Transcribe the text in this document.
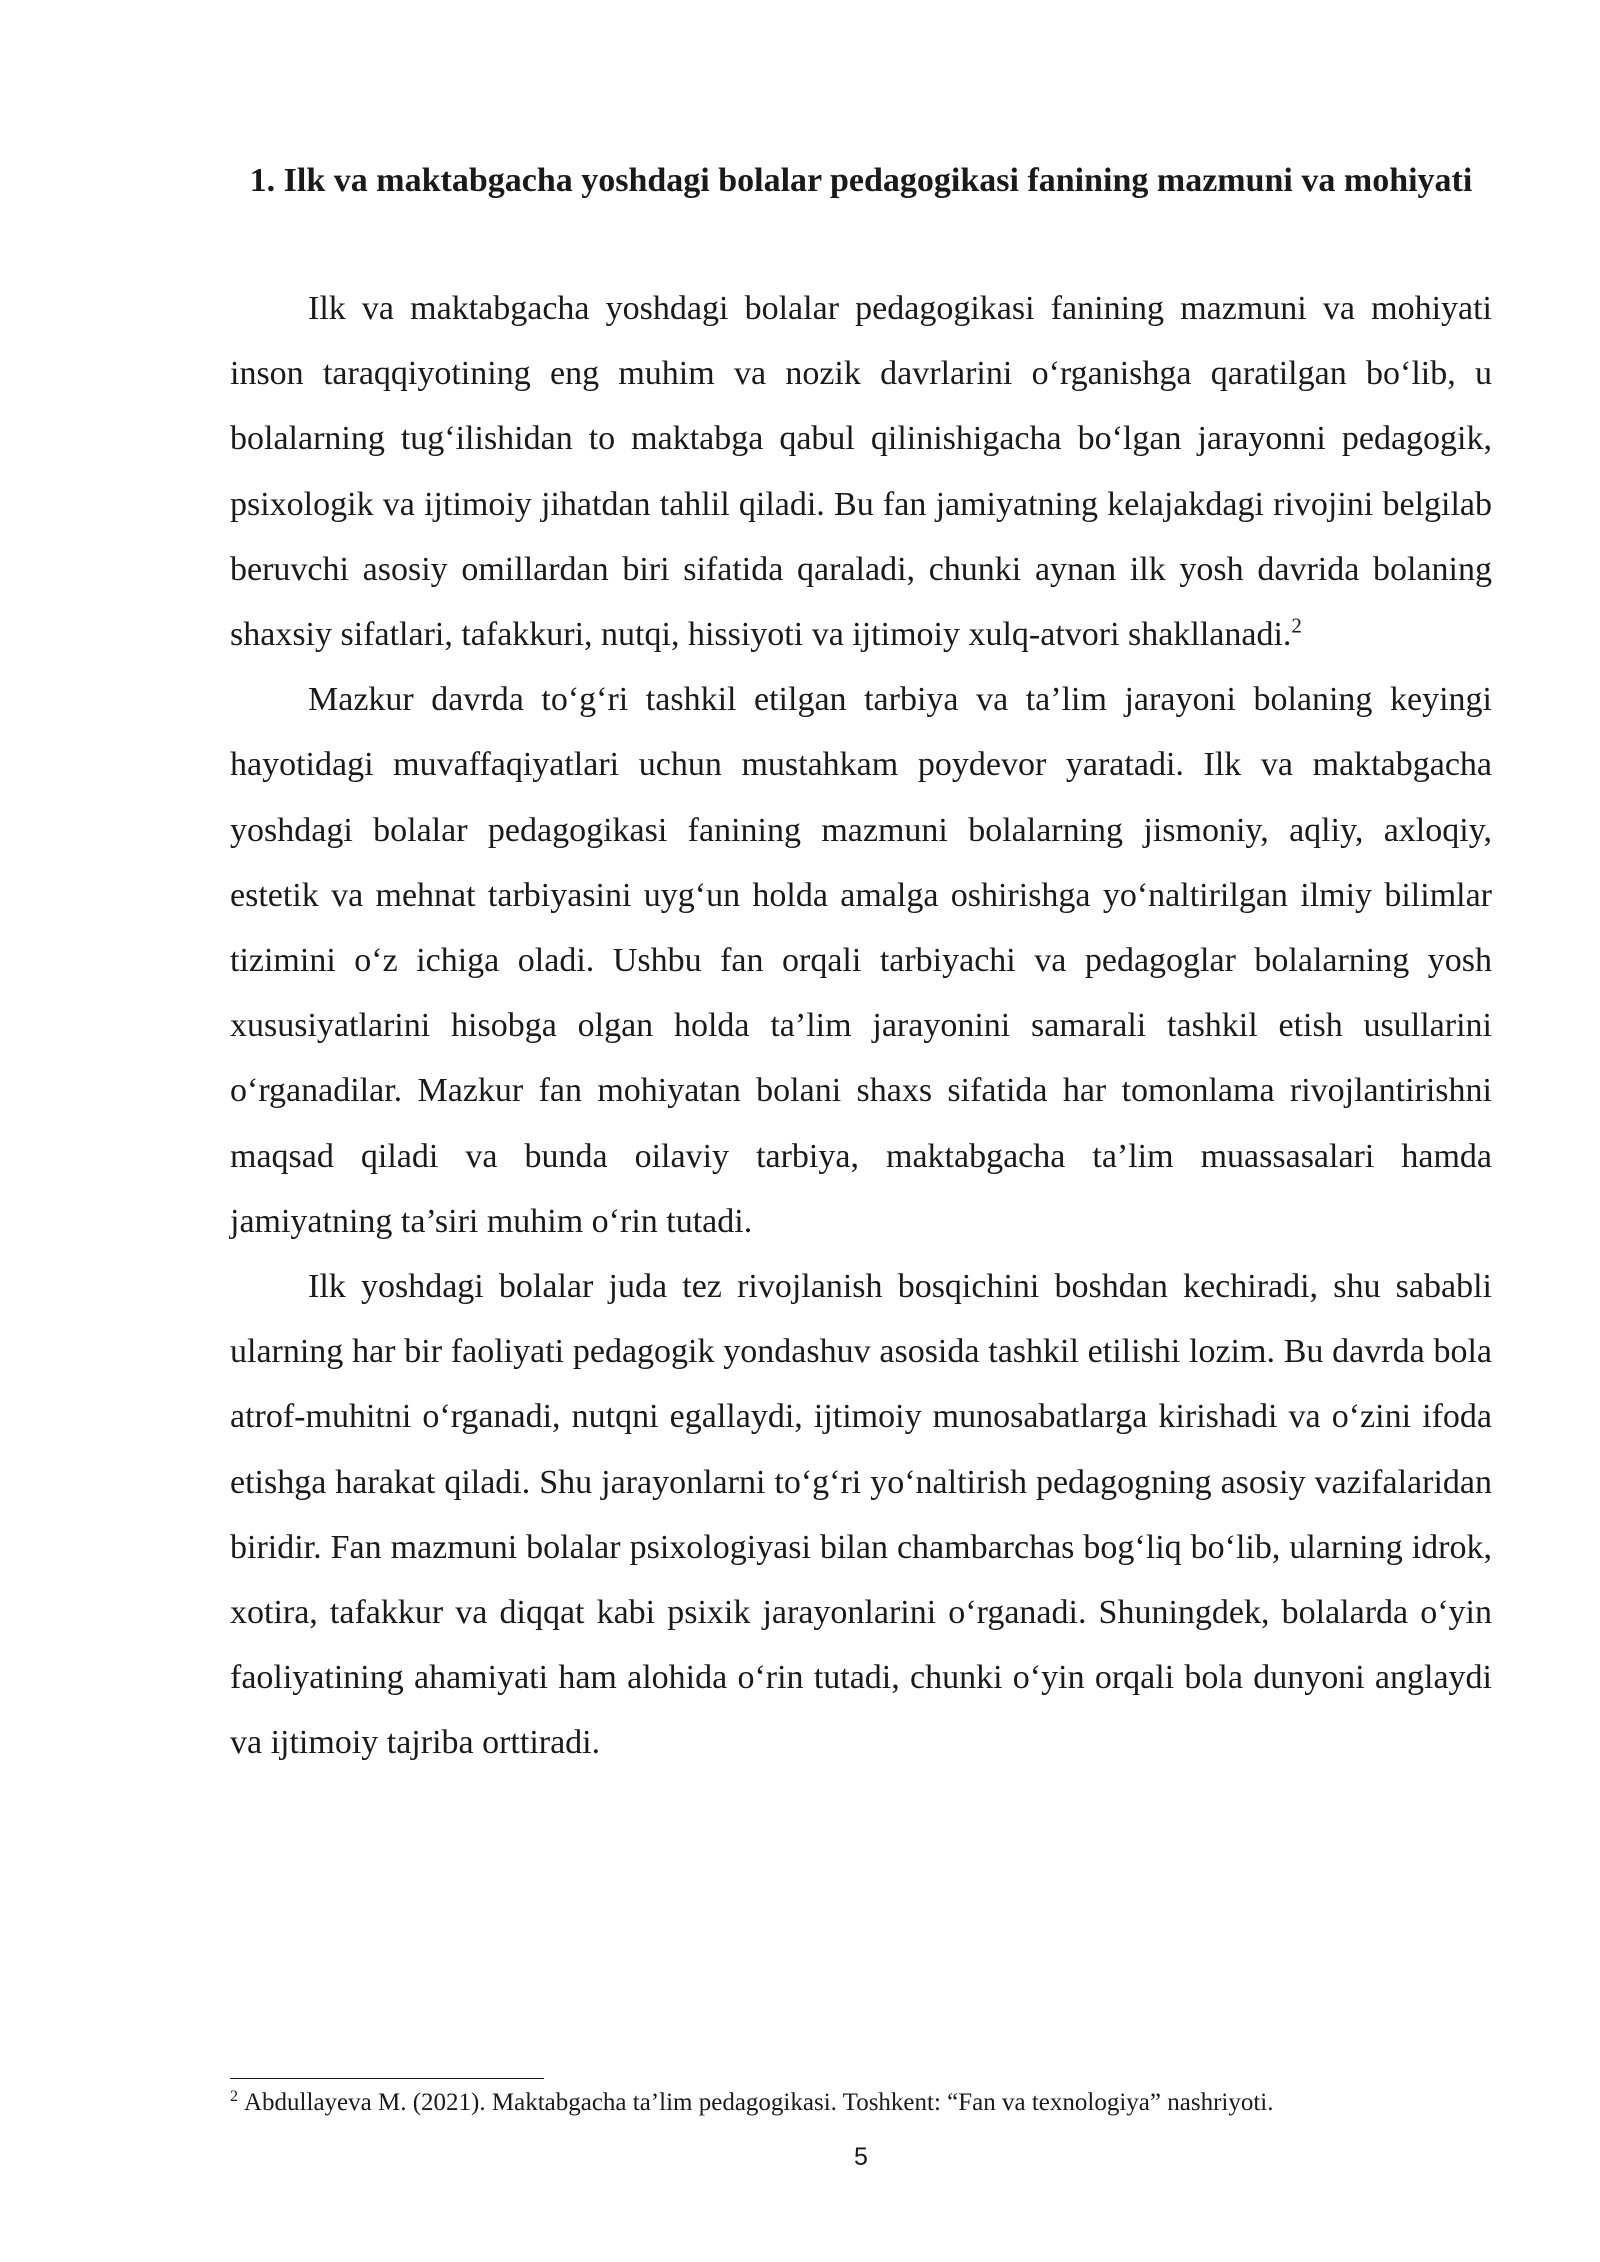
1. Ilk va maktabgacha yoshdagi bolalar pedagogikasi fanining mazmuni va mohiyati

Ilk va maktabgacha yoshdagi bolalar pedagogikasi fanining mazmuni va mohiyati inson taraqqiyotining eng muhim va nozik davrlarini o‘rganishga qaratilgan bo‘lib, u bolalarning tug‘ilishidan to maktabga qabul qilinishigacha bo‘lgan jarayonni pedagogik, psixologik va ijtimoiy jihatdan tahlil qiladi. Bu fan jamiyatning kelajakdagi rivojini belgilab beruvchi asosiy omillardan biri sifatida qaraladi, chunki aynan ilk yosh davrida bolaning shaxsiy sifatlari, tafakkuri, nutqi, hissiyoti va ijtimoiy xulq-atvori shakllanadi.$^2$

Mazkur davrda to‘g‘ri tashkil etilgan tarbiya va ta’lim jarayoni bolaning keyingi hayotidagi muvaffaqiyatlari uchun mustahkam poydevor yaratadi. Ilk va maktabgacha yoshdagi bolalar pedagogikasi fanining mazmuni bolalarning jismoniy, aqliy, axloqiy, estetik va mehnat tarbiyasini uyg‘un holda amalga oshirishga yo‘naltirilgan ilmiy bilimlar tizimini o‘z ichiga oladi. Ushbu fan orqali tarbiyachi va pedagoglar bolalarning yosh xususiyatlarini hisobga olgan holda ta’lim jarayonini samarali tashkil etish usullarini o‘rganadilar. Mazkur fan mohiyatan bolani shaxs sifatida har tomonlama rivojlantirishni maqsad qiladi va bunda oilaviy tarbiya, maktabgacha ta’lim muassasalari hamda jamiyatning ta’siri muhim o‘rin tutadi.

Ilk yoshdagi bolalar juda tez rivojlanish bosqichini boshdan kechiradi, shu sababli ularning har bir faoliyati pedagogik yondashuv asosida tashkil etilishi lozim. Bu davrda bola atrof-muhitni o‘rganadi, nutqni egallaydi, ijtimoiy munosabatlarga kirishadi va o‘zini ifoda etishga harakat qiladi. Shu jarayonlarni to‘g‘ri yo‘naltirish pedagogning asosiy vazifalaridan biridir. Fan mazmuni bolalar psixologiyasi bilan chambarchas bog‘liq bo‘lib, ularning idrok, xotira, tafakkur va diqqat kabi psixik jarayonlarini o‘rganadi. Shuningdek, bolalarda o‘yin faoliyatining ahamiyati ham alohida o‘rin tutadi, chunki o‘yin orqali bola dunyoni anglaydi va ijtimoiy tajriba orttiradi.

$^2$ Abdullayeva M. (2021). Maktabgacha ta’lim pedagogikasi. Toshkent: “Fan va texnologiya” nashriyoti.

5
